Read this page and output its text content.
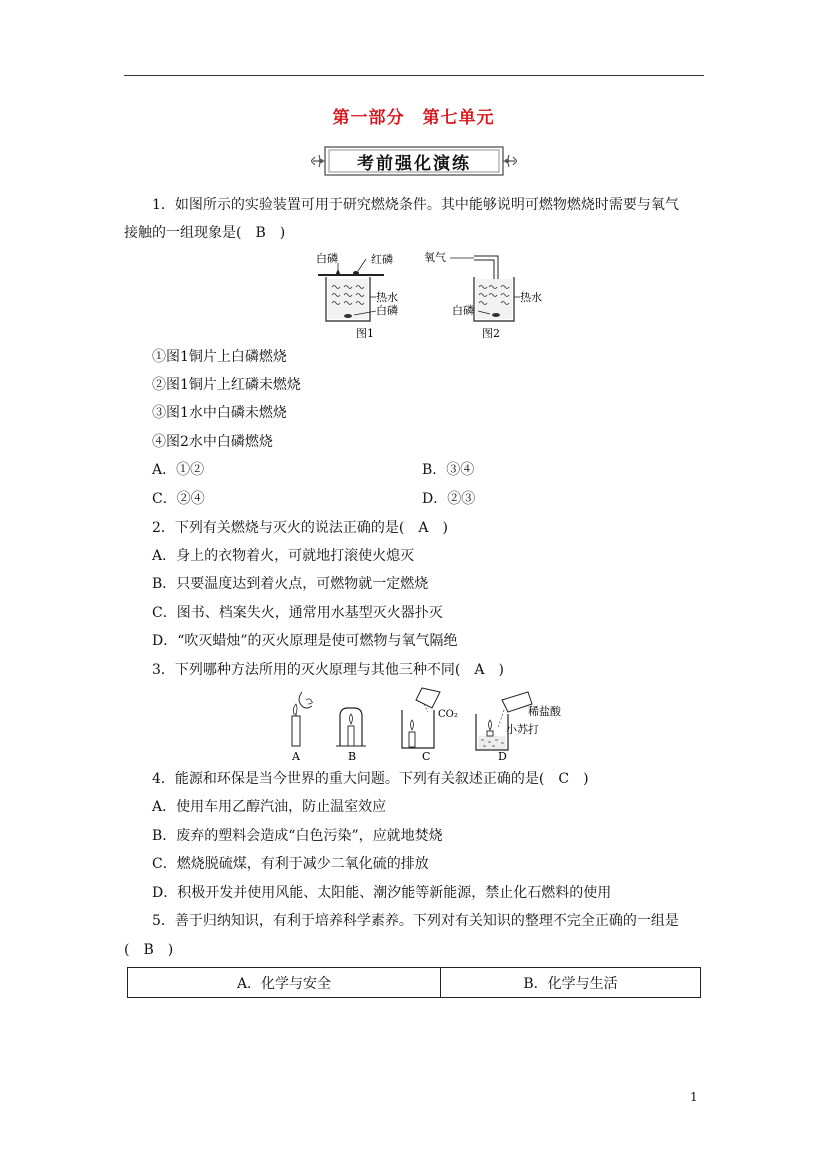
第一部分　第七单元
考前强化演练
1．如图所示的实验装置可用于研究燃烧条件。其中能够说明可燃物燃烧时需要与氧气
接触的一组现象是(　B　)
白磷	红磷
热水
白磷
图1
氧气
热水
白磷
图2
①图1铜片上白磷燃烧
②图1铜片上红磷未燃烧
③图1水中白磷未燃烧
④图2水中白磷燃烧
A．①②	B．③④
C．②④	D．②③
2．下列有关燃烧与灭火的说法正确的是(　A　)
A．身上的衣物着火，可就地打滚使火熄灭
B．只要温度达到着火点，可燃物就一定燃烧
C．图书、档案失火，通常用水基型灭火器扑灭
D．“吹灭蜡烛”的灭火原理是使可燃物与氧气隔绝
3．下列哪种方法所用的灭火原理与其他三种不同(　A　)
A	B
CO₂
C
稀盐酸
小苏打
D
4．能源和环保是当今世界的重大问题。下列有关叙述正确的是(　C　)
A．使用车用乙醇汽油，防止温室效应
B．废弃的塑料会造成“白色污染”，应就地焚烧
C．燃烧脱硫煤，有利于减少二氧化硫的排放
D．积极开发并使用风能、太阳能、潮汐能等新能源，禁止化石燃料的使用
5．善于归纳知识，有利于培养科学素养。下列对有关知识的整理不完全正确的一组是
(　B　)
A．化学与安全	B．化学与生活
1
